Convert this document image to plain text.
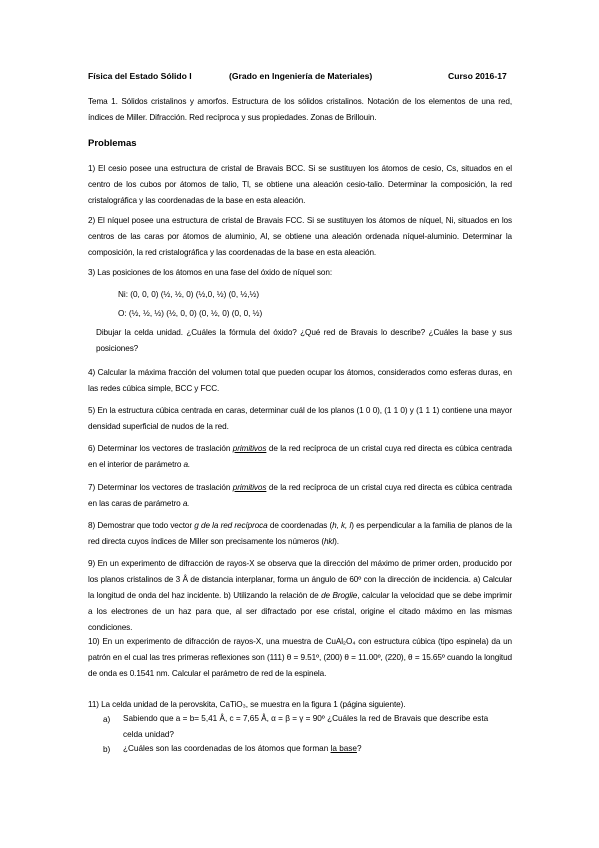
Física del Estado Sólido I	(Grado en Ingeniería de Materiales)	Curso 2016-17

Tema 1. Sólidos cristalinos y amorfos. Estructura de los sólidos cristalinos. Notación de los elementos de una red, índices de Miller. Difracción. Red recíproca y sus propiedades. Zonas de Brillouin.

Problemas

1) El cesio posee una estructura de cristal de Bravais BCC. Si se sustituyen los átomos de cesio, Cs, situados en el centro de los cubos por átomos de talio, Tl, se obtiene una aleación cesio-talio. Determinar la composición, la red cristalográfica y las coordenadas de la base en esta aleación.

2) El níquel posee una estructura de cristal de Bravais FCC. Si se sustituyen los átomos de níquel, Ni, situados en los centros de las caras por átomos de aluminio, Al, se obtiene una aleación ordenada níquel-aluminio. Determinar la composición, la red cristalográfica y las coordenadas de la base en esta aleación.

3) Las posiciones de los átomos en una fase del óxido de níquel son:

Ni: (0, 0, 0) (½, ½, 0) (½,0, ½) (0, ½,½)
O: (½, ½, ½) (½, 0, 0) (0, ½, 0) (0, 0, ½)

Dibujar la celda unidad. ¿Cuáles la fórmula del óxido? ¿Qué red de Bravais lo describe? ¿Cuáles la base y sus posiciones?

4) Calcular la máxima fracción del volumen total que pueden ocupar los átomos, considerados como esferas duras, en las redes cúbica simple, BCC y FCC.

5) En la estructura cúbica centrada en caras, determinar cuál de los planos (1 0 0), (1 1 0) y (1 1 1) contiene una mayor densidad superficial de nudos de la red.

6) Determinar los vectores de traslación primitivos de la red recíproca de un cristal cuya red directa es cúbica centrada en el interior de parámetro a.

7) Determinar los vectores de traslación primitivos de la red recíproca de un cristal cuya red directa es cúbica centrada en las caras de parámetro a.

8) Demostrar que todo vector g de la red recíproca de coordenadas (h, k, l) es perpendicular a la familia de planos de la red directa cuyos índices de Miller son precisamente los números (hkl).

9) En un experimento de difracción de rayos-X se observa que la dirección del máximo de primer orden, producido por los planos cristalinos de 3 Å de distancia interplanar, forma un ángulo de 60º con la dirección de incidencia. a) Calcular la longitud de onda del haz incidente. b) Utilizando la relación de de Broglie, calcular la velocidad que se debe imprimir a los electrones de un haz para que, al ser difractado por ese cristal, origine el citado máximo en las mismas condiciones.

10) En un experimento de difracción de rayos-X, una muestra de CuAl₂O₄ con estructura cúbica (tipo espinela) da un patrón en el cual las tres primeras reflexiones son (111) θ = 9.51º, (200) θ = 11.00º, (220), θ = 15.65º cuando la longitud de onda es 0.1541 nm. Calcular el parámetro de red de la espinela.

11) La celda unidad de la perovskita, CaTiO₃, se muestra en la figura 1 (página siguiente).

a) Sabiendo que a = b= 5,41 Å, c = 7,65 Å, α = β = γ = 90º ¿Cuáles la red de Bravais que describe esta celda unidad?
b) ¿Cuáles son las coordenadas de los átomos que forman la base?
